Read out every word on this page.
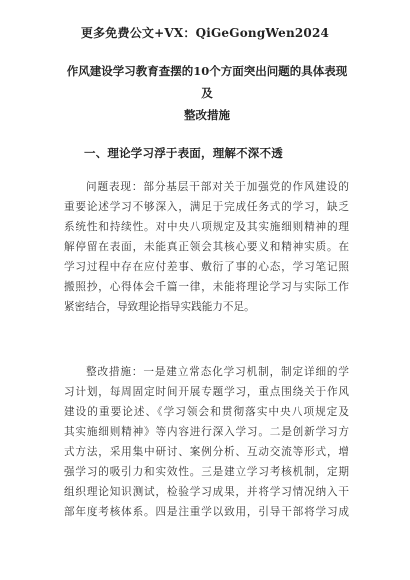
更多免费公文+VX：QiGeGongWen2024
作风建设学习教育查摆的10个方面突出问题的具体表现及
整改措施
一、理论学习浮于表面，理解不深不透
问题表现：部分基层干部对关于加强党的作风建设的
重要论述学习不够深入，满足于完成任务式的学习，缺乏
系统性和持续性。对中央八项规定及其实施细则精神的理
解停留在表面，未能真正领会其核心要义和精神实质。在
学习过程中存在应付差事、敷衍了事的心态，学习笔记照
搬照抄，心得体会千篇一律，未能将理论学习与实际工作
紧密结合，导致理论指导实践能力不足。
整改措施：一是建立常态化学习机制，制定详细的学
习计划，每周固定时间开展专题学习，重点围绕关于作风
建设的重要论述、《学习领会和贯彻落实中央八项规定及
其实施细则精神》等内容进行深入学习。二是创新学习方
式方法，采用集中研讨、案例分析、互动交流等形式，增
强学习的吸引力和实效性。三是建立学习考核机制，定期
组织理论知识测试，检验学习成果，并将学习情况纳入干
部年度考核体系。四是注重学以致用，引导干部将学习成
